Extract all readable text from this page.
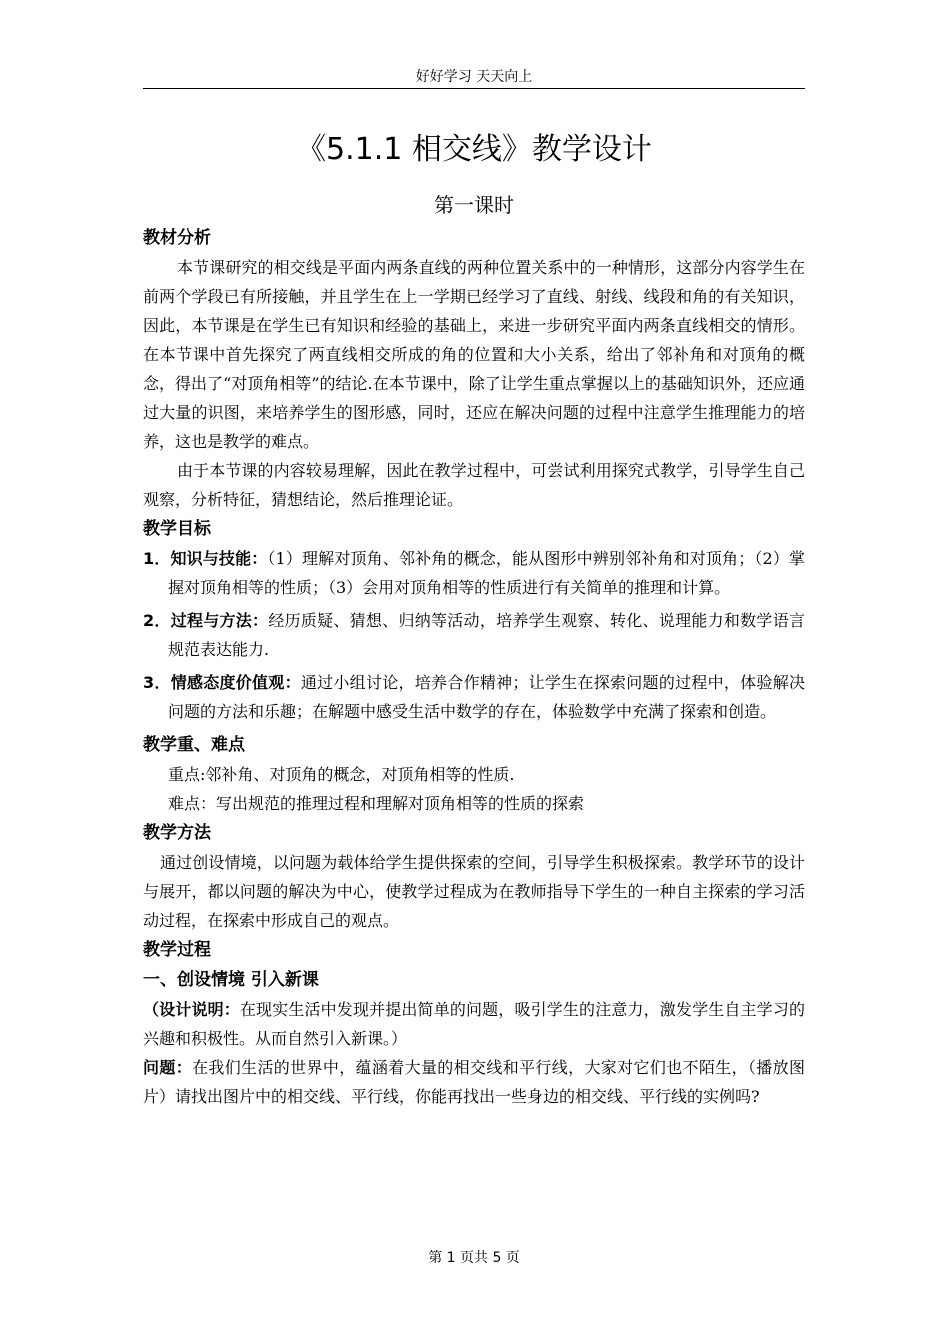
好好学习 天天向上
《5.1.1 相交线》教学设计
第一课时

教材分析

本节课研究的相交线是平面内两条直线的两种位置关系中的一种情形，这部分内容学生在前两个学段已有所接触，并且学生在上一学期已经学习了直线、射线、线段和角的有关知识，因此，本节课是在学生已有知识和经验的基础上，来进一步研究平面内两条直线相交的情形。在本节课中首先探究了两直线相交所成的角的位置和大小关系，给出了邻补角和对顶角的概念，得出了“对顶角相等”的结论.在本节课中，除了让学生重点掌握以上的基础知识外，还应通过大量的识图，来培养学生的图形感，同时，还应在解决问题的过程中注意学生推理能力的培养，这也是教学的难点。

由于本节课的内容较易理解，因此在教学过程中，可尝试利用探究式教学，引导学生自己观察，分析特征，猜想结论，然后推理论证。

教学目标

1．知识与技能：（1）理解对顶角、邻补角的概念，能从图形中辨别邻补角和对顶角；（2）掌握对顶角相等的性质；（3）会用对顶角相等的性质进行有关简单的推理和计算。

2．过程与方法：经历质疑、猜想、归纳等活动，培养学生观察、转化、说理能力和数学语言规范表达能力.

3．情感态度价值观：通过小组讨论，培养合作精神；让学生在探索问题的过程中，体验解决问题的方法和乐趣；在解题中感受生活中数学的存在，体验数学中充满了探索和创造。

教学重、难点

重点:邻补角、对顶角的概念，对顶角相等的性质.

难点：写出规范的推理过程和理解对顶角相等的性质的探索

教学方法

通过创设情境，以问题为载体给学生提供探索的空间，引导学生积极探索。教学环节的设计与展开，都以问题的解决为中心，使教学过程成为在教师指导下学生的一种自主探索的学习活动过程，在探索中形成自己的观点。

教学过程

一、创设情境 引入新课

（设计说明：在现实生活中发现并提出简单的问题，吸引学生的注意力，激发学生自主学习的兴趣和积极性。从而自然引入新课。）

问题：在我们生活的世界中，蕴涵着大量的相交线和平行线，大家对它们也不陌生，（播放图片）请找出图片中的相交线、平行线，你能再找出一些身边的相交线、平行线的实例吗?

第 1 页共 5 页
